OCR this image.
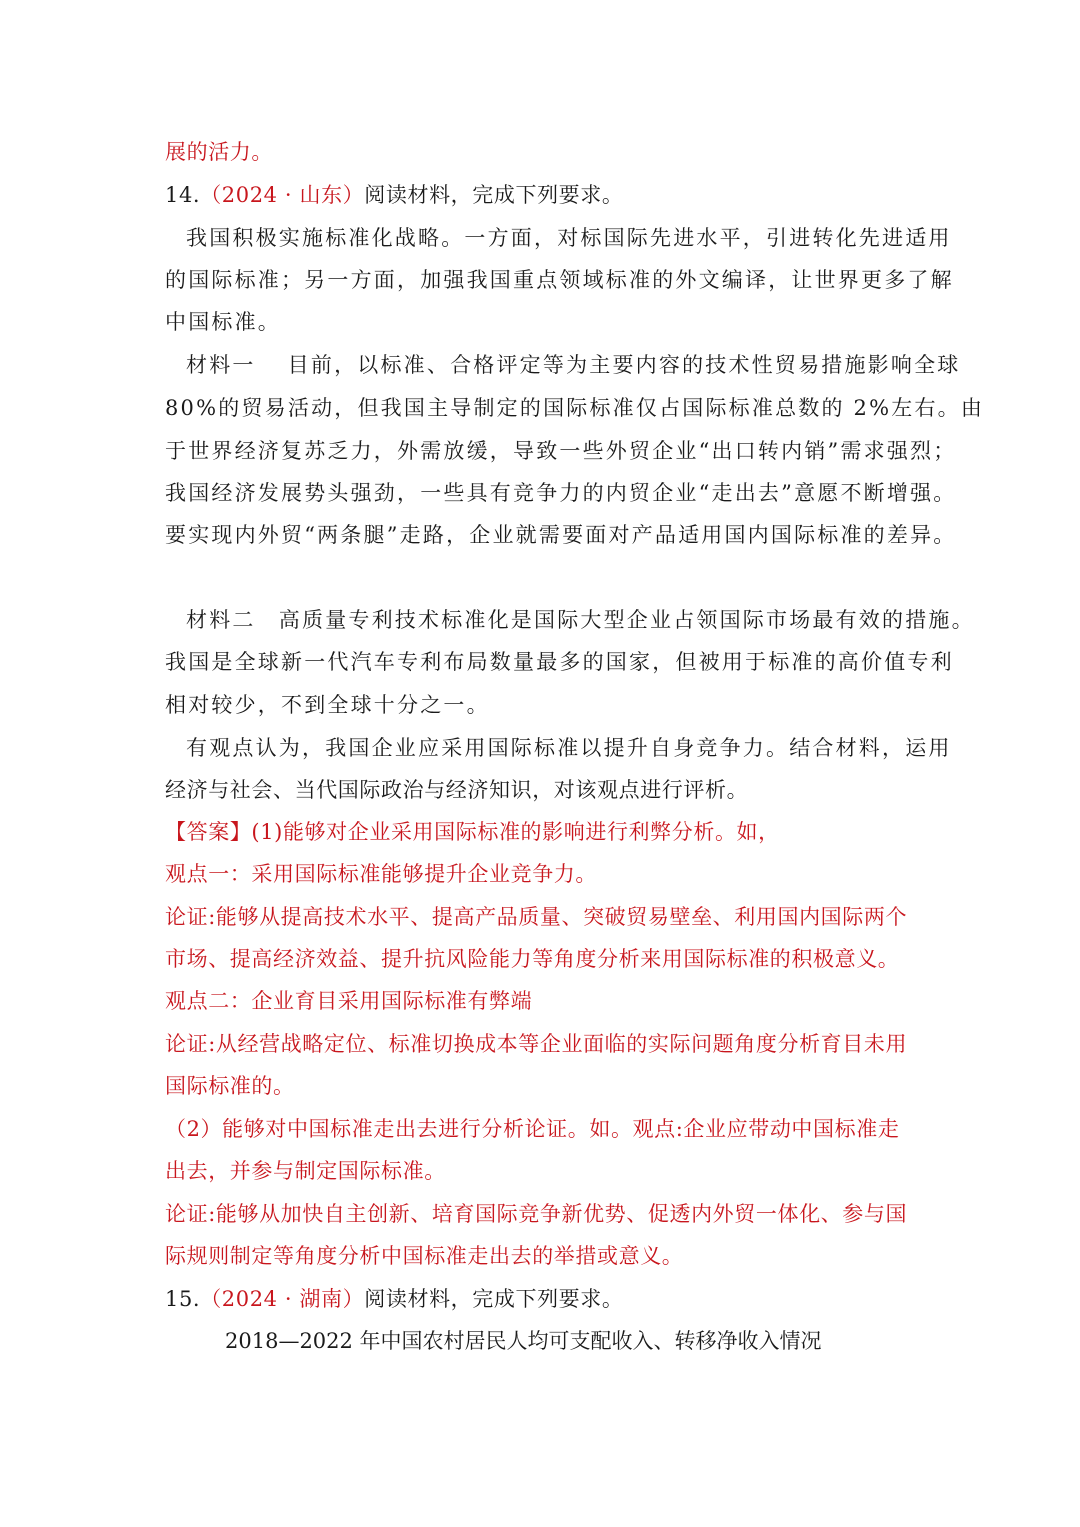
展的活力。
14.（2024 · 山东）阅读材料，完成下列要求。
我国积极实施标准化战略。一方面，对标国际先进水平，引进转化先进适用
的国际标准；另一方面，加强我国重点领域标准的外文编译，让世界更多了解
中国标准。
材料一　 目前，以标准、合格评定等为主要内容的技术性贸易措施影响全球
80%的贸易活动，但我国主导制定的国际标准仅占国际标准总数的 2%左右。由
于世界经济复苏乏力，外需放缓，导致一些外贸企业“出口转内销”需求强烈；
我国经济发展势头强劲，一些具有竞争力的内贸企业“走出去”意愿不断增强。
要实现内外贸“两条腿”走路，企业就需要面对产品适用国内国际标准的差异。
材料二　高质量专利技术标准化是国际大型企业占领国际市场最有效的措施。
我国是全球新一代汽车专利布局数量最多的国家，但被用于标准的高价值专利
相对较少，不到全球十分之一。
有观点认为，我国企业应采用国际标准以提升自身竞争力。结合材料，运用
经济与社会、当代国际政治与经济知识，对该观点进行评析。
【答案】(1)能够对企业采用国际标准的影响进行利弊分析。如，
观点一：采用国际标准能够提升企业竞争力。
论证:能够从提高技术水平、提高产品质量、突破贸易壁垒、利用国内国际两个
市场、提高经济效益、提升抗风险能力等角度分析来用国际标准的积极意义。
观点二：企业育目采用国际标准有弊端
论证:从经营战略定位、标准切换成本等企业面临的实际问题角度分析育目未用
国际标准的。
（2）能够对中国标准走出去进行分析论证。如。观点:企业应带动中国标准走
出去，并参与制定国际标准。
论证:能够从加快自主创新、培育国际竞争新优势、促透内外贸一体化、参与国
际规则制定等角度分析中国标准走出去的举措或意义。
15.（2024 · 湖南）阅读材料，完成下列要求。
2018—2022 年中国农村居民人均可支配收入、转移净收入情况
